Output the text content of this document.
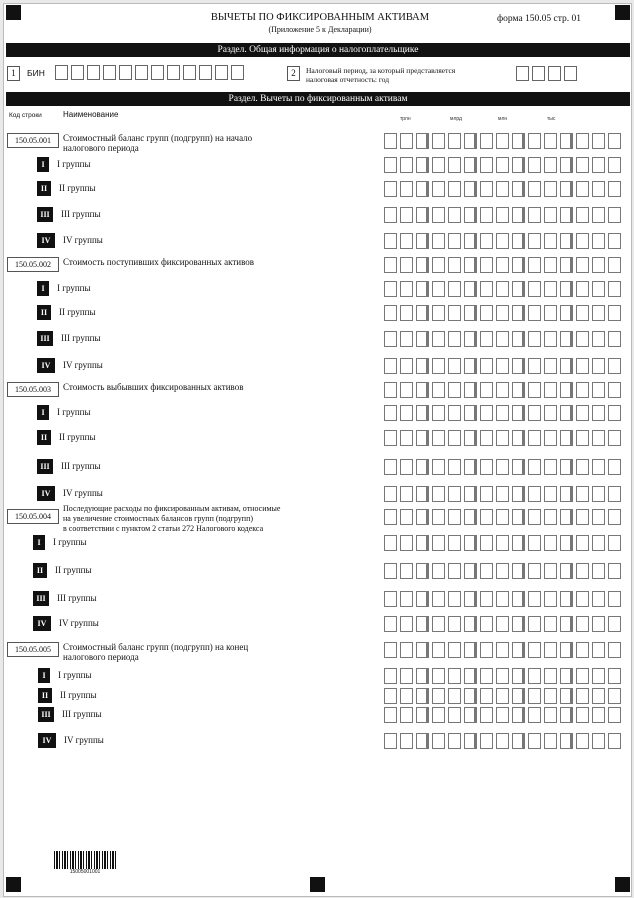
ВЫЧЕТЫ ПО ФИКСИРОВАННЫМ АКТИВАМ
(Приложение 5 к Декларации)
форма 150.05 стр. 01
Раздел. Общая информация о налогоплательщике
1	БИН	2	Налоговый период, за который представляется
налоговая отчетность: год
Раздел. Вычеты по фиксированным активам
Код строки	Наименование	трлн	млрд	млн	тыс
150.05.001	Стоимостный баланс групп (подгрупп) на начало
налогового периода
I	I группы
II	II группы
III	III группы
IV	IV группы
150.05.002	Стоимость поступивших фиксированных активов
I	I группы
II	II группы
III	III группы
IV	IV группы
150.05.003	Стоимость выбывших фиксированных активов
I	I группы
II	II группы
III	III группы
IV	IV группы
150.05.004
Последующие расходы по фиксированным активам, относимые
на увеличение стоимостных балансов групп (подгрупп)
в соответствии с пунктом 2 статьи 272 Налогового кодекса
I	I группы
II	II группы
III	III группы
IV	IV группы
150.05.005	Стоимостный баланс групп (подгрупп) на конец
налогового периода
I	I группы
II	II группы
III	III группы
IV	IV группы
15005001001
